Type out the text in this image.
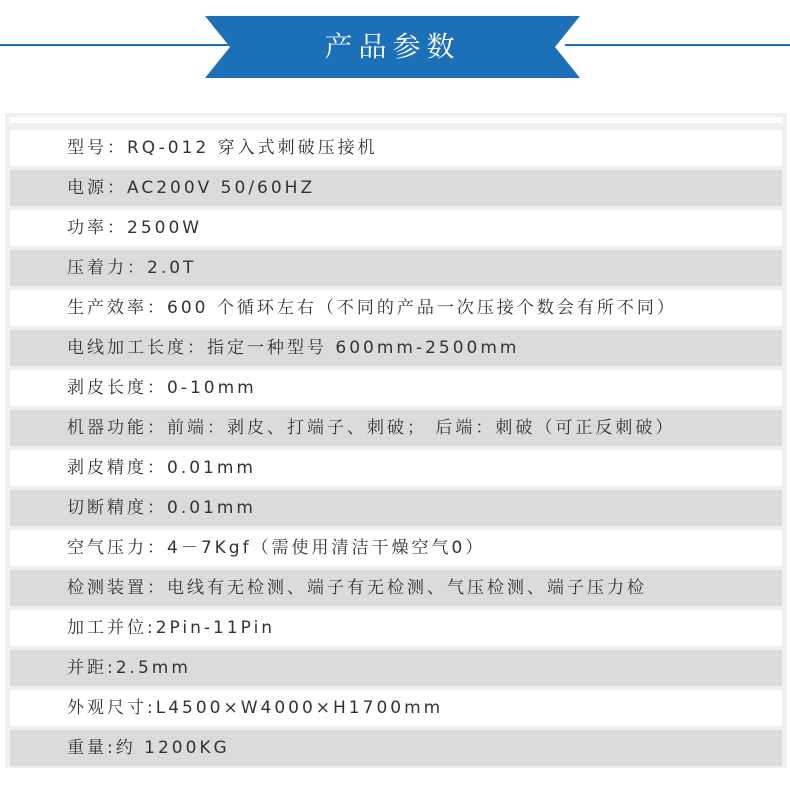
产品参数
型号：RQ-012 穿入式刺破压接机
电源：AC200V 50/60HZ
功率：2500W
压着力：2.0T
生产效率：600 个循环左右（不同的产品一次压接个数会有所不同）
电线加工长度：指定一种型号 600mm-2500mm
剥皮长度：0-10mm
机器功能：前端：剥皮、打端子、刺破； 后端：刺破（可正反刺破）
剥皮精度：0.01mm
切断精度：0.01mm
空气压力：4－7Kgf（需使用清洁干燥空气0）
检测装置：电线有无检测、端子有无检测、气压检测、端子压力检
加工并位:2Pin-11Pin
并距:2.5mm
外观尺寸:L4500×W4000×H1700mm
重量:约 1200KG
